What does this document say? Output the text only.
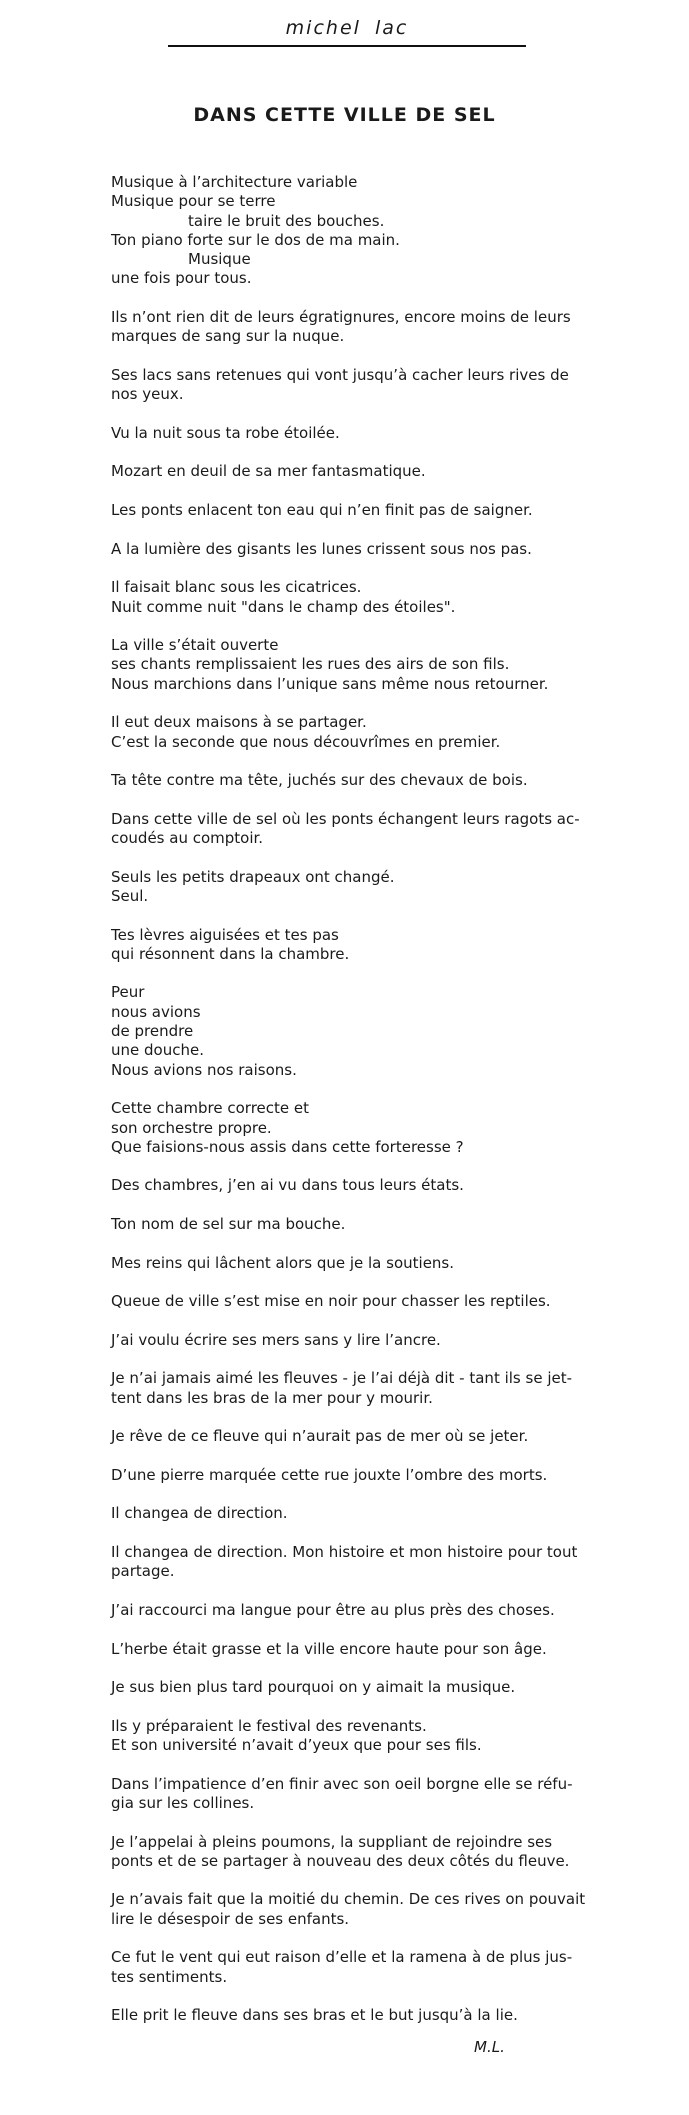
michel lac
DANS CETTE VILLE DE SEL
Musique à l’architecture variable
Musique pour se terre
taire le bruit des bouches.
Ton piano forte sur le dos de ma main.
Musique
une fois pour tous.
Ils n’ont rien dit de leurs égratignures, encore moins de leurs
marques de sang sur la nuque.
Ses lacs sans retenues qui vont jusqu’à cacher leurs rives de
nos yeux.
Vu la nuit sous ta robe étoilée.
Mozart en deuil de sa mer fantasmatique.
Les ponts enlacent ton eau qui n’en finit pas de saigner.
A la lumière des gisants les lunes crissent sous nos pas.
Il faisait blanc sous les cicatrices.
Nuit comme nuit "dans le champ des étoiles".
La ville s’était ouverte
ses chants remplissaient les rues des airs de son fils.
Nous marchions dans l’unique sans même nous retourner.
Il eut deux maisons à se partager.
C’est la seconde que nous découvrîmes en premier.
Ta tête contre ma tête, juchés sur des chevaux de bois.
Dans cette ville de sel où les ponts échangent leurs ragots ac-
coudés au comptoir.
Seuls les petits drapeaux ont changé.
Seul.
Tes lèvres aiguisées et tes pas
qui résonnent dans la chambre.
Peur
nous avions
de prendre
une douche.
Nous avions nos raisons.
Cette chambre correcte et
son orchestre propre.
Que faisions-nous assis dans cette forteresse ?
Des chambres, j’en ai vu dans tous leurs états.
Ton nom de sel sur ma bouche.
Mes reins qui lâchent alors que je la soutiens.
Queue de ville s’est mise en noir pour chasser les reptiles.
J’ai voulu écrire ses mers sans y lire l’ancre.
Je n’ai jamais aimé les fleuves - je l’ai déjà dit - tant ils se jet-
tent dans les bras de la mer pour y mourir.
Je rêve de ce fleuve qui n’aurait pas de mer où se jeter.
D’une pierre marquée cette rue jouxte l’ombre des morts.
Il changea de direction.
Il changea de direction. Mon histoire et mon histoire pour tout
partage.
J’ai raccourci ma langue pour être au plus près des choses.
L’herbe était grasse et la ville encore haute pour son âge.
Je sus bien plus tard pourquoi on y aimait la musique.
Ils y préparaient le festival des revenants.
Et son université n’avait d’yeux que pour ses fils.
Dans l’impatience d’en finir avec son oeil borgne elle se réfu-
gia sur les collines.
Je l’appelai à pleins poumons, la suppliant de rejoindre ses
ponts et de se partager à nouveau des deux côtés du fleuve.
Je n’avais fait que la moitié du chemin. De ces rives on pouvait
lire le désespoir de ses enfants.
Ce fut le vent qui eut raison d’elle et la ramena à de plus jus-
tes sentiments.
Elle prit le fleuve dans ses bras et le but jusqu’à la lie.
M.L.
